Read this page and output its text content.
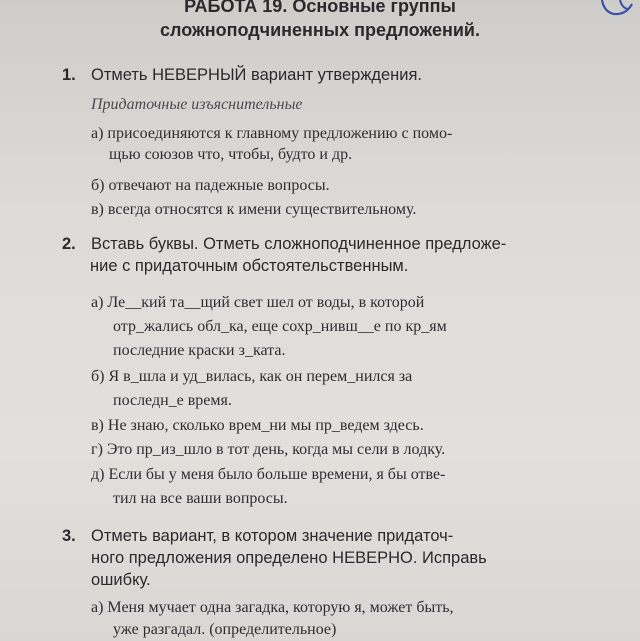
РАБОТА 19. Основные группы
сложноподчиненных предложений.
1. Отметь НЕВЕРНЫЙ вариант утверждения.
Придаточные изъяснительные
а) присоединяются к главному предложению с помо-
щью союзов что, чтобы, будто и др.
б) отвечают на падежные вопросы.
в) всегда относятся к имени существительному.
2. Вставь буквы. Отметь сложноподчиненное предложе-
ние с придаточным обстоятельственным.
а) Ле__кий та__щий свет шел от воды, в которой
отр_жались обл_ка, еще сохр_нивш__е по кр_ям
последние краски з_ката.
б) Я в_шла и уд_вилась, как он перем_нился за
последн_е время.
в) Не знаю, сколько врем_ни мы пр_ведем здесь.
г) Это пр_из_шло в тот день, когда мы сели в лодку.
д) Если бы у меня было больше времени, я бы отве-
тил на все ваши вопросы.
3. Отметь вариант, в котором значение придаточ-
ного предложения определено НЕВЕРНО. Исправь
ошибку.
а) Меня мучает одна загадка, которую я, может быть,
уже разгадал. (определительное)
